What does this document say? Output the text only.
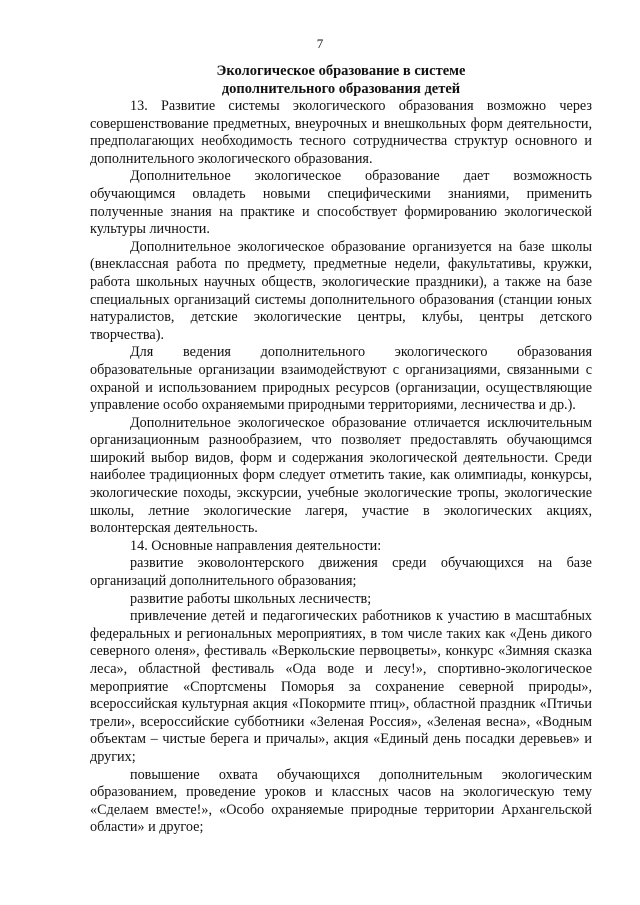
7
Экологическое образование в системе
дополнительного образования детей

13. Развитие системы экологического образования возможно через совершенствование предметных, внеурочных и внешкольных форм деятельности, предполагающих необходимость тесного сотрудничества структур основного и дополнительного экологического образования.

Дополнительное экологическое образование дает возможность обучающимся овладеть новыми специфическими знаниями, применить полученные знания на практике и способствует формированию экологической культуры личности.

Дополнительное экологическое образование организуется на базе школы (внеклассная работа по предмету, предметные недели, факультативы, кружки, работа школьных научных обществ, экологические праздники), а также на базе специальных организаций системы дополнительного образования (станции юных натуралистов, детские экологические центры, клубы, центры детского творчества).

Для ведения дополнительного экологического образования образовательные организации взаимодействуют с организациями, связанными с охраной и использованием природных ресурсов (организации, осуществляющие управление особо охраняемыми природными территориями, лесничества и др.).

Дополнительное экологическое образование отличается исключительным организационным разнообразием, что позволяет предоставлять обучающимся широкий выбор видов, форм и содержания экологической деятельности. Среди наиболее традиционных форм следует отметить такие, как олимпиады, конкурсы, экологические походы, экскурсии, учебные экологические тропы, экологические школы, летние экологические лагеря, участие в экологических акциях, волонтерская деятельность.

14. Основные направления деятельности:

развитие эковолонтерского движения среди обучающихся на базе организаций дополнительного образования;

развитие работы школьных лесничеств;

привлечение детей и педагогических работников к участию в масштабных федеральных и региональных мероприятиях, в том числе таких как «День дикого северного оленя», фестиваль «Веркольские первоцветы», конкурс «Зимняя сказка леса», областной фестиваль «Ода воде и лесу!», спортивно-экологическое мероприятие «Спортсмены Поморья за сохранение северной природы», всероссийская культурная акция «Покормите птиц», областной праздник «Птичьи трели», всероссийские субботники «Зеленая Россия», «Зеленая весна», «Водным объектам – чистые берега и причалы», акция «Единый день посадки деревьев» и других;

повышение охвата обучающихся дополнительным экологическим образованием, проведение уроков и классных часов на экологическую тему «Сделаем вместе!», «Особо охраняемые природные территории Архангельской области» и другое;
